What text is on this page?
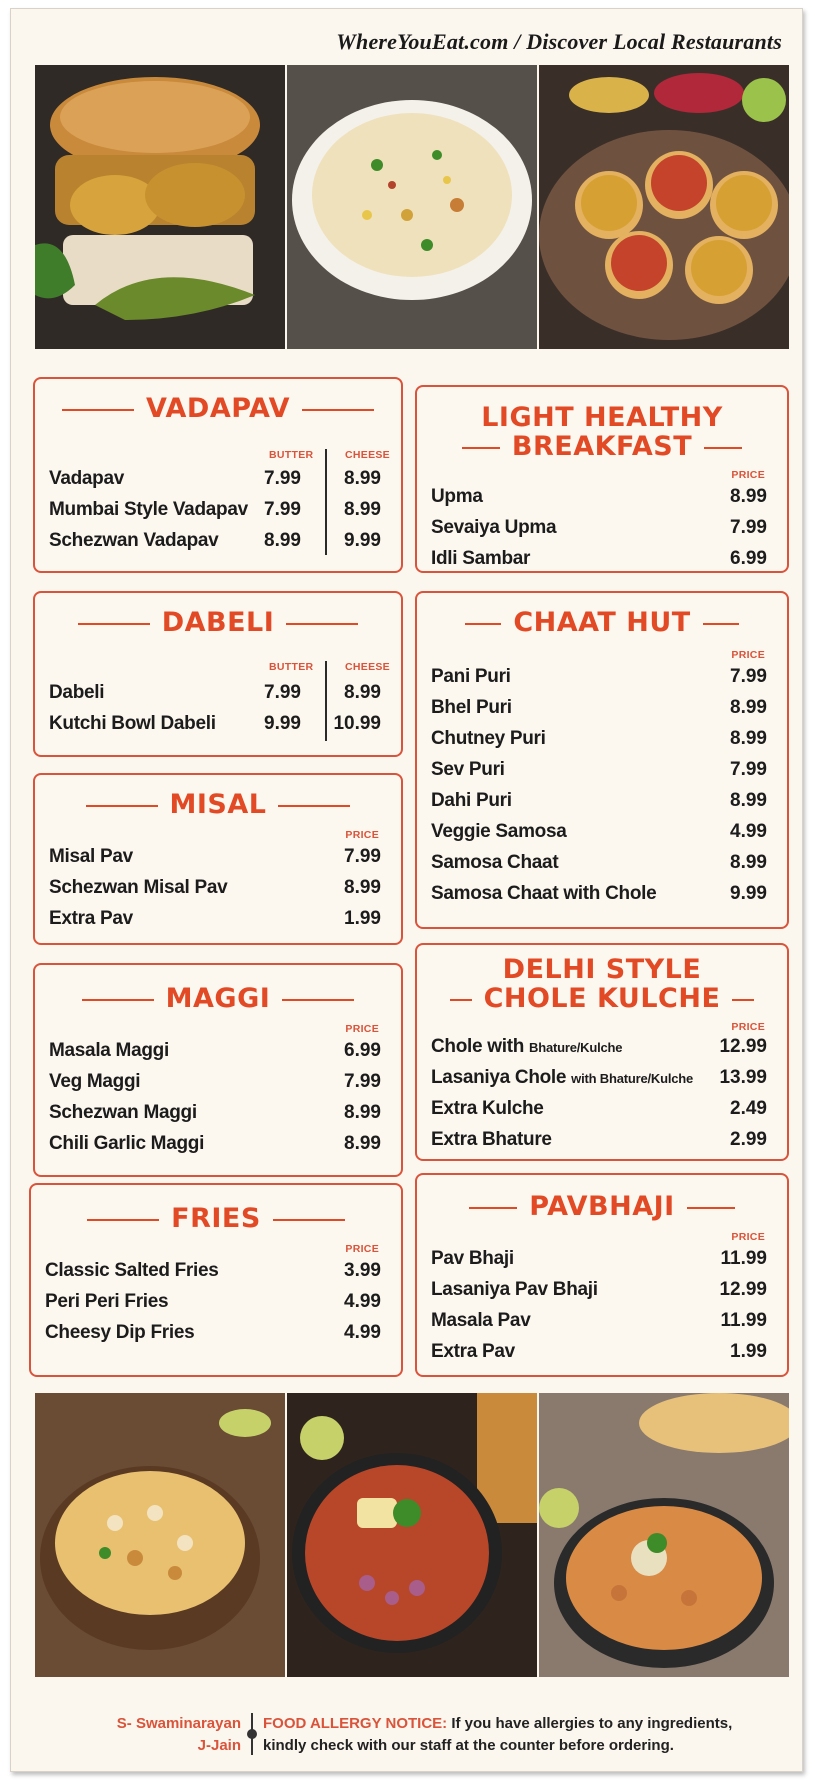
WhereYouEat.com / Discover Local Restaurants
VADAPAV
BUTTER	CHEESE
Vadapav	7.99 8.99
Mumbai Style Vadapav 7.99 8.99
Schezwan Vadapav	8.99 9.99
DABELI
BUTTER	CHEESE
Dabeli	7.99 8.99
Kutchi Bowl Dabeli	9.99 10.99
MISAL
PRICE
Misal Pav	7.99
Schezwan Misal Pav	8.99
Extra Pav	1.99
MAGGI
PRICE
Masala Maggi	6.99
Veg Maggi	7.99
Schezwan Maggi	8.99
Chili Garlic Maggi	8.99
FRIES
PRICE
Classic Salted Fries	3.99
Peri Peri Fries	4.99
Cheesy Dip Fries	4.99
LIGHT HEALTHY
BREAKFAST
PRICE
Upma	8.99
Sevaiya Upma	7.99
Idli Sambar	6.99
CHAAT HUT
PRICE
Pani Puri	7.99
Bhel Puri	8.99
Chutney Puri	8.99
Sev Puri	7.99
Dahi Puri	8.99
Veggie Samosa	4.99
Samosa Chaat	8.99
Samosa Chaat with Chole	9.99
DELHI STYLE
CHOLE KULCHE
PRICE
Chole with Bhature/Kulche	12.99
Lasaniya Chole with Bhature/Kulche	13.99
Extra Kulche	2.49
Extra Bhature	2.99
PAVBHAJI
PRICE
Pav Bhaji	11.99
Lasaniya Pav Bhaji	12.99
Masala Pav	11.99
Extra Pav	1.99
S- Swaminarayan
J-Jain
FOOD ALLERGY NOTICE: If you have allergies to any ingredients,
kindly check with our staff at the counter before ordering.
